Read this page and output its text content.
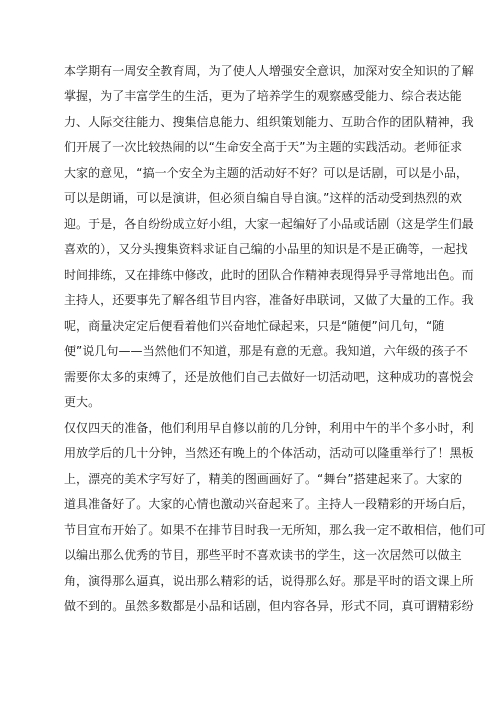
本学期有一周安全教育周，为了使人人增强安全意识，加深对安全知识的了解
掌握，为了丰富学生的生活，更为了培养学生的观察感受能力、综合表达能
力、人际交往能力、搜集信息能力、组织策划能力、互助合作的团队精神，我
们开展了一次比较热闹的以“生命安全高于天”为主题的实践活动。老师征求
大家的意见，“搞一个安全为主题的活动好不好？可以是话剧，可以是小品，
可以是朗诵，可以是演讲，但必须自编自导自演。”这样的活动受到热烈的欢
迎。于是，各自纷纷成立好小组，大家一起编好了小品或话剧（这是学生们最
喜欢的），又分头搜集资料求证自己编的小品里的知识是不是正确等，一起找
时间排练，又在排练中修改，此时的团队合作精神表现得异乎寻常地出色。而
主持人，还要事先了解各组节目内容，准备好串联词，又做了大量的工作。我
呢，商量决定定后便看着他们兴奋地忙碌起来，只是“随便”问几句，“随
便”说几句——当然他们不知道，那是有意的无意。我知道，六年级的孩子不
需要你太多的束缚了，还是放他们自己去做好一切活动吧，这种成功的喜悦会
更大。
仅仅四天的准备，他们利用早自修以前的几分钟，利用中午的半个多小时，利
用放学后的几十分钟，当然还有晚上的个体活动，活动可以隆重举行了！黑板
上，漂亮的美术字写好了，精美的图画画好了。“舞台”搭建起来了。大家的
道具准备好了。大家的心情也激动兴奋起来了。主持人一段精彩的开场白后，
节目宣布开始了。如果不在排节目时我一无所知，那么我一定不敢相信，他们可
以编出那么优秀的节目，那些平时不喜欢读书的学生，这一次居然可以做主
角，演得那么逼真，说出那么精彩的话，说得那么好。那是平时的语文课上所
做不到的。虽然多数都是小品和话剧，但内容各异，形式不同，真可谓精彩纷
